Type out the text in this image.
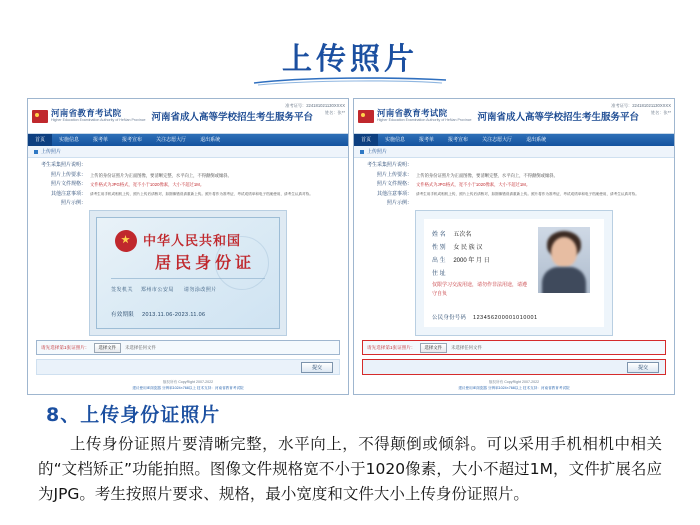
上传照片
河南省教育考试院
Higher Education Examination Authority of HeNan Province 河南省成人高等学校招生考生服务平台
准考证号：224181021130XXXX
姓名：张**
首页	实施信息	报考单	报考宣布	关注志愿大厅	退出系统
上传照片
考生采集照片说明：
照片上传要求： 上传的身份证照片为正面图像，要清晰完整、水平向上，不得颠倒或倾斜。
照片文件规格： 文件格式为JPG格式，宽不小于1020像素，大小不超过1M。
其他注意事项：	请考生用手机或相机上传，照片上传后请核对，如图像错误请重新上传。照片将作为准考证、考试成绩单和电子档案使用，请考生认真对待。
照片示例：
中华人民共和国
居民身份证
签发机关 郑州市公安局 请勿涂改照片
有效期限 2013.11.06-2023.11.06
请先选择第1张证照片：	选择文件	未选择任何文件
提交
版权所有 CopyRight 2007-2022
建议使用IE浏览器 分辨率1024×768以上 技术支持：河南省教育考试院
河南省教育考试院
Higher Education Examination Authority of HeNan Province 河南省成人高等学校招生考生服务平台
准考证号：224181021130XXXX
姓名：张**
首页	实施信息	报考单	报考宣布	关注志愿大厅	退出系统
上传照片
考生采集照片说明：
照片上传要求： 上传的身份证照片为正面图像，要清晰完整、水平向上，不得颠倒或倾斜。
照片文件规格： 文件格式为JPG格式，宽不小于1020像素，大小不超过1M。
其他注意事项：	请考生用手机或相机上传，照片上传后请核对，如图像错误请重新上传。照片将作为准考证、考试成绩单和电子档案使用，请考生认真对待。
照片示例：
姓 名 五次名
性 别 女 民 族 汉
出 生 2000 年 月 日
住 址
仅限学习交流用途，请勿作非法用途，请遵守自负
公民身份号码 123456200001010001
请先选择第1张证照片：	选择文件	未选择任何文件
提交
版权所有 CopyRight 2007-2022
建议使用IE浏览器 分辨率1024×768以上 技术支持：河南省教育考试院
8、上传身份证照片
上传身份证照片要清晰完整，水平向上，不得颠倒或倾斜。可以采用手机相机中相关的“文档矫正”功能拍照。图像文件规格宽不小于1020像素，大小不超过1M，文件扩展名应为JPG。考生按照片要求、规格，最小宽度和文件大小上传身份证照片。
